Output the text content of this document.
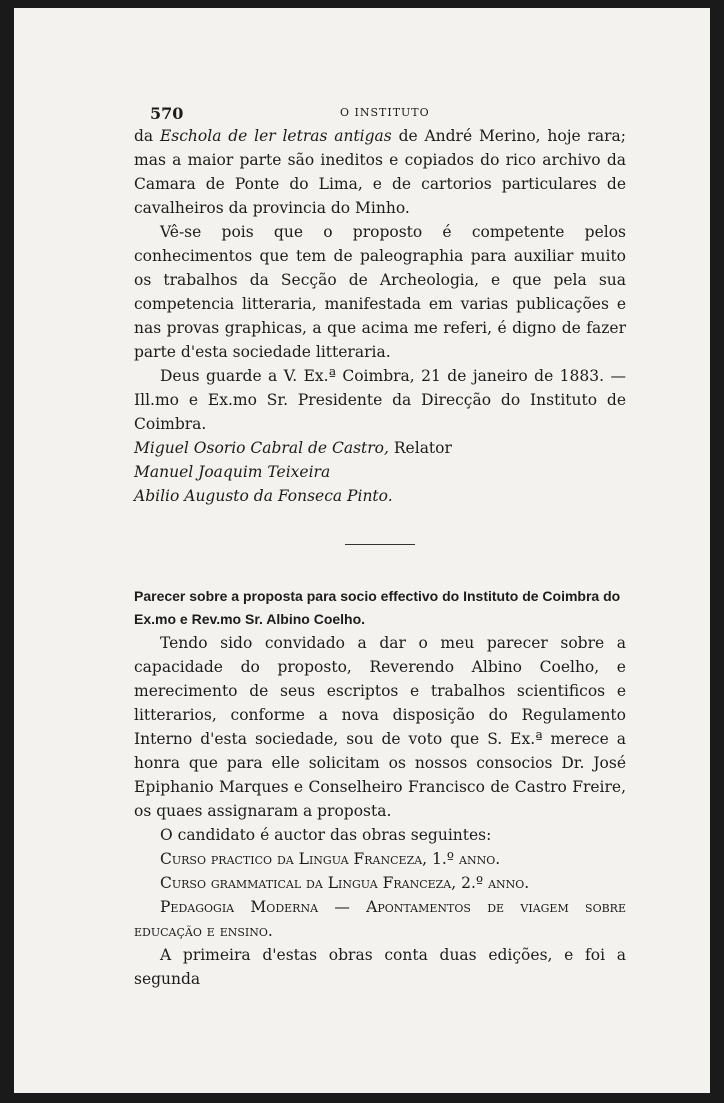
570	O INSTITUTO

da Eschola de ler letras antigas de André Merino, hoje rara; mas a maior parte são ineditos e copiados do rico archivo da Camara de Ponte do Lima, e de cartorios particulares de cavalheiros da provincia do Minho.

Vê-se pois que o proposto é competente pelos conhecimentos que tem de paleographia para auxiliar muito os trabalhos da Secção de Archeologia, e que pela sua competencia litteraria, manifestada em varias publicações e nas provas graphicas, a que acima me referi, é digno de fazer parte d'esta sociedade litteraria.

Deus guarde a V. Ex.ª Coimbra, 21 de janeiro de 1883. — Ill.mo e Ex.mo Sr. Presidente da Direcção do Instituto de Coimbra.

Miguel Osorio Cabral de Castro, Relator

Manuel Joaquim Teixeira

Abilio Augusto da Fonseca Pinto.

Parecer sobre a proposta para socio effectivo do Instituto de Coimbra do Ex.mo e Rev.mo Sr. Albino Coelho.

Tendo sido convidado a dar o meu parecer sobre a capacidade do proposto, Reverendo Albino Coelho, e merecimento de seus escriptos e trabalhos scientificos e litterarios, conforme a nova disposição do Regulamento Interno d'esta sociedade, sou de voto que S. Ex.ª merece a honra que para elle solicitam os nossos consocios Dr. José Epiphanio Marques e Conselheiro Francisco de Castro Freire, os quaes assignaram a proposta.

O candidato é auctor das obras seguintes:

Curso practico da Lingua Franceza, 1.º anno.

Curso grammatical da Lingua Franceza, 2.º anno.

Pedagogia Moderna — Apontamentos de viagem sobre educação e ensino.

A primeira d'estas obras conta duas edições, e foi a segunda
